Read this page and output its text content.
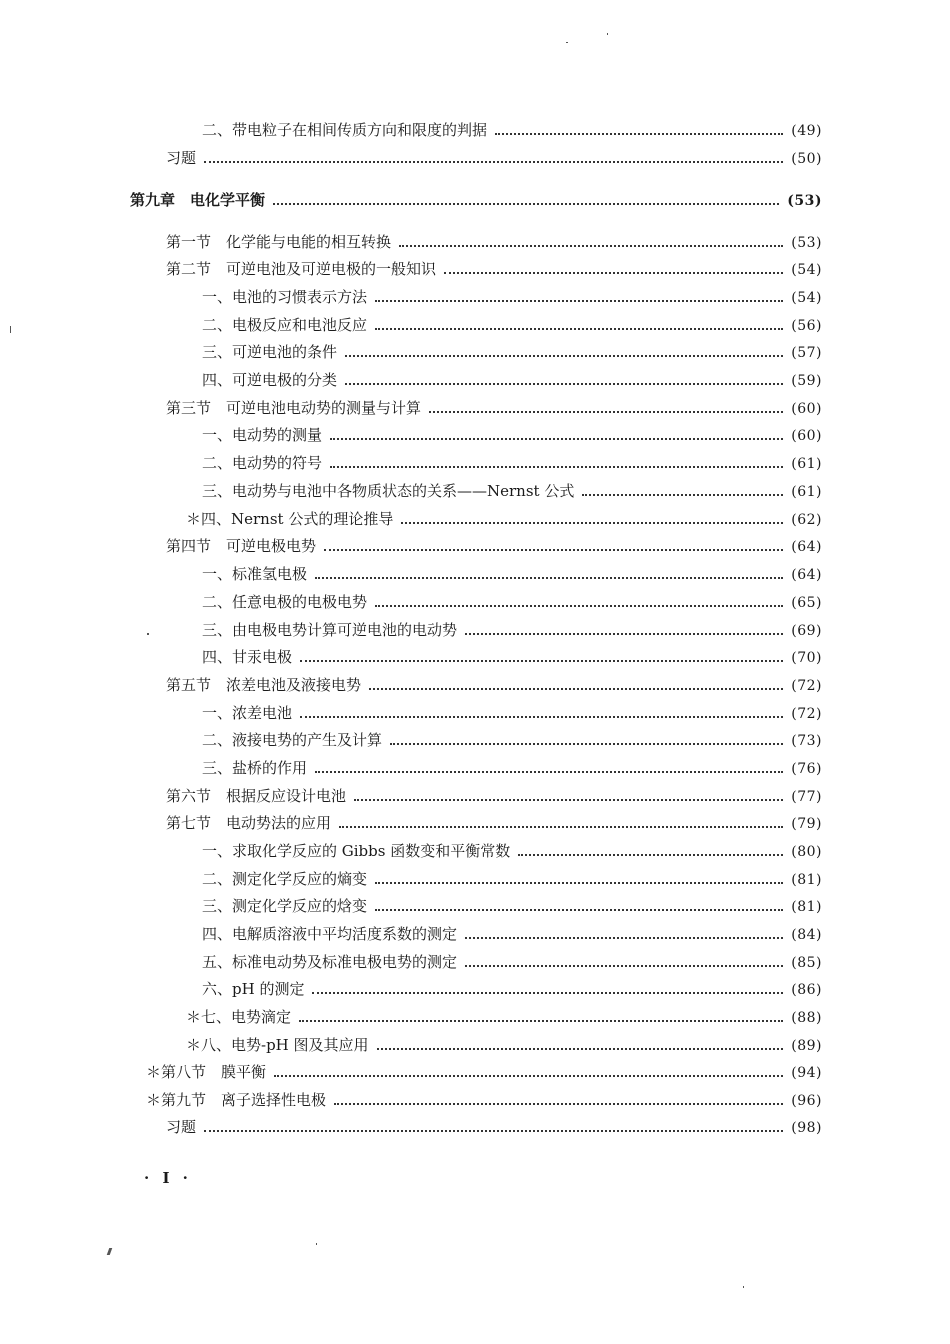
二、带电粒子在相间传质方向和限度的判据	(49)
习题	(50)
第九章　电化学平衡	(53)
第一节　化学能与电能的相互转换	(53)
第二节　可逆电池及可逆电极的一般知识	(54)
一、电池的习惯表示方法	(54)
二、电极反应和电池反应	(56)
三、可逆电池的条件	(57)
四、可逆电极的分类	(59)
第三节　可逆电池电动势的测量与计算	(60)
一、电动势的测量	(60)
二、电动势的符号	(61)
三、电动势与电池中各物质状态的关系——Nernst 公式	(61)
＊四、Nernst 公式的理论推导	(62)
第四节　可逆电极电势	(64)
一、标准氢电极	(64)
二、任意电极的电极电势	(65)
三、由电极电势计算可逆电池的电动势	(69)
四、甘汞电极	(70)
第五节　浓差电池及液接电势	(72)
一、浓差电池	(72)
二、液接电势的产生及计算	(73)
三、盐桥的作用	(76)
第六节　根据反应设计电池	(77)
第七节　电动势法的应用	(79)
一、求取化学反应的 Gibbs 函数变和平衡常数	(80)
二、测定化学反应的熵变	(81)
三、测定化学反应的焓变	(81)
四、电解质溶液中平均活度系数的测定	(84)
五、标准电动势及标准电极电势的测定	(85)
六、pH 的测定	(86)
＊七、电势滴定	(88)
＊八、电势-pH 图及其应用	(89)
＊第八节　膜平衡	(94)
＊第九节　离子选择性电极	(96)
习题	(98)
· I ·
